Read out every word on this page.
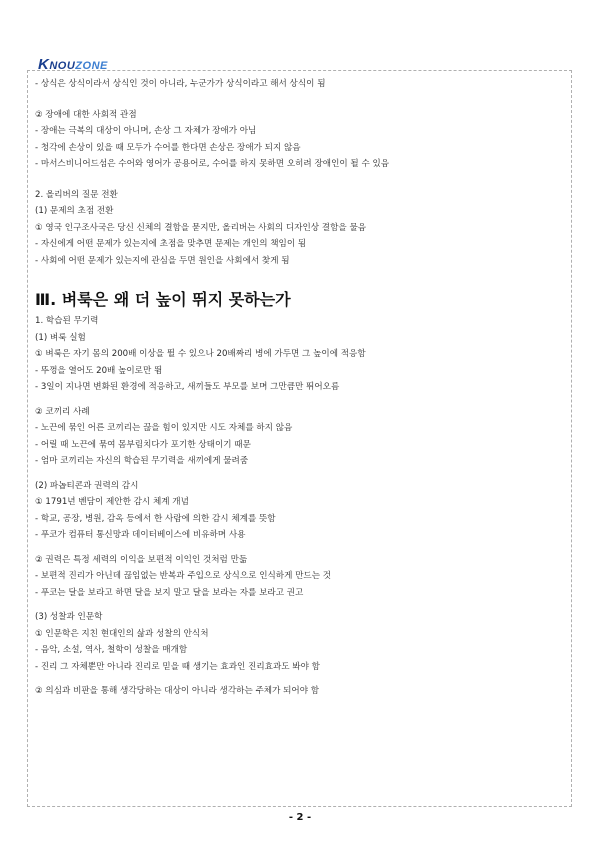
KNOUZONE
- 상식은 상식이라서 상식인 것이 아니라, 누군가가 상식이라고 해서 상식이 됨
② 장애에 대한 사회적 관점
- 장애는 극복의 대상이 아니며, 손상 그 자체가 장애가 아님
- 청각에 손상이 있을 때 모두가 수어를 한다면 손상은 장애가 되지 않음
- 마서스비니어드섬은 수어와 영어가 공용어로, 수어를 하지 못하면 오히려 장애인이 될 수 있음
2. 올리버의 질문 전환
(1) 문제의 초점 전환
① 영국 인구조사국은 당신 신체의 결함을 묻지만, 올리버는 사회의 디자인상 결함을 물음
- 자신에게 어떤 문제가 있는지에 초점을 맞추면 문제는 개인의 책임이 됨
- 사회에 어떤 문제가 있는지에 관심을 두면 원인을 사회에서 찾게 됨
Ⅲ. 벼룩은 왜 더 높이 뛰지 못하는가
1. 학습된 무기력
(1) 벼룩 실험
① 벼룩은 자기 몸의 200배 이상을 뛸 수 있으나 20배짜리 병에 가두면 그 높이에 적응함
- 뚜껑을 열어도 20배 높이로만 뜀
- 3일이 지나면 변화된 환경에 적응하고, 새끼들도 부모를 보며 그만큼만 뛰어오름
② 코끼리 사례
- 노끈에 묶인 어른 코끼리는 끊을 힘이 있지만 시도 자체를 하지 않음
- 어릴 때 노끈에 묶여 몸부림치다가 포기한 상태이기 때문
- 엄마 코끼리는 자신의 학습된 무기력을 새끼에게 물려줌
(2) 파놉티콘과 권력의 감시
① 1791년 벤담이 제안한 감시 체계 개념
- 학교, 공장, 병원, 감옥 등에서 한 사람에 의한 감시 체계를 뜻함
- 푸코가 컴퓨터 통신망과 데이터베이스에 비유하며 사용
② 권력은 특정 세력의 이익을 보편적 이익인 것처럼 만듦
- 보편적 진리가 아닌데 끊임없는 반복과 주입으로 상식으로 인식하게 만드는 것
- 푸코는 달을 보라고 하면 달을 보지 말고 달을 보라는 자를 보라고 권고
(3) 성찰과 인문학
① 인문학은 지친 현대인의 삶과 성찰의 안식처
- 음악, 소설, 역사, 철학이 성찰을 매개함
- 진리 그 자체뿐만 아니라 진리로 믿을 때 생기는 효과인 진리효과도 봐야 함
② 의심과 비판을 통해 생각당하는 대상이 아니라 생각하는 주체가 되어야 함
- 2 -
